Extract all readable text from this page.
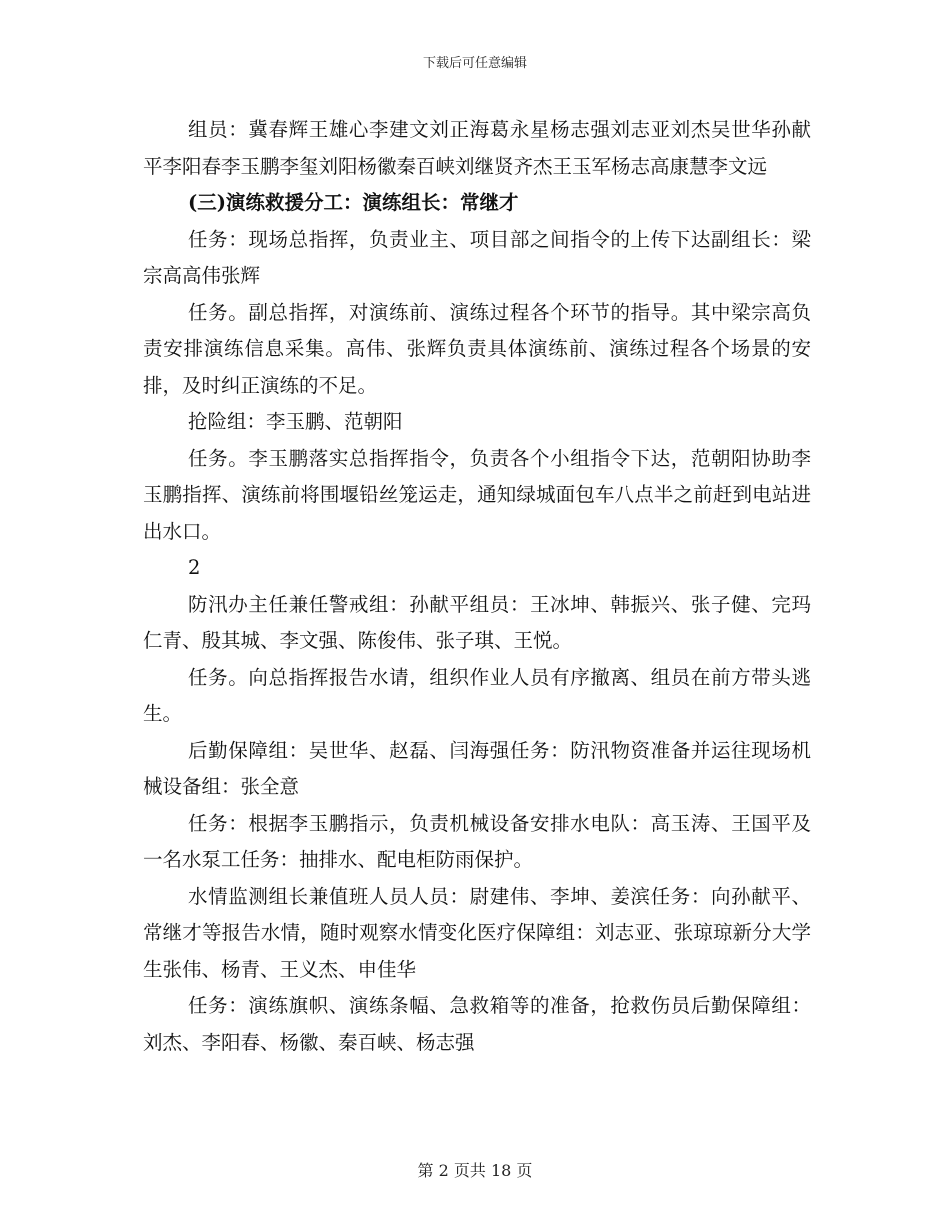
下载后可任意编辑

组员：冀春辉王雄心李建文刘正海葛永星杨志强刘志亚刘杰吴世华孙献平李阳春李玉鹏李玺刘阳杨徽秦百峡刘继贤齐杰王玉军杨志高康慧李文远

(三)演练救援分工：演练组长：常继才

任务：现场总指挥，负责业主、项目部之间指令的上传下达副组长：梁宗高高伟张辉

任务。副总指挥，对演练前、演练过程各个环节的指导。其中梁宗高负责安排演练信息采集。高伟、张辉负责具体演练前、演练过程各个场景的安排，及时纠正演练的不足。

抢险组：李玉鹏、范朝阳

任务。李玉鹏落实总指挥指令，负责各个小组指令下达，范朝阳协助李玉鹏指挥、演练前将围堰铅丝笼运走，通知绿城面包车八点半之前赶到电站进出水口。

2

防汛办主任兼任警戒组：孙献平组员：王冰坤、韩振兴、张子健、完玛仁青、殷其城、李文强、陈俊伟、张子琪、王悦。

任务。向总指挥报告水请，组织作业人员有序撤离、组员在前方带头逃生。

后勤保障组：吴世华、赵磊、闫海强任务：防汛物资准备并运往现场机械设备组：张全意

任务：根据李玉鹏指示，负责机械设备安排水电队：高玉涛、王国平及一名水泵工任务：抽排水、配电柜防雨保护。

水情监测组长兼值班人员人员：尉建伟、李坤、姜滨任务：向孙献平、常继才等报告水情，随时观察水情变化医疗保障组：刘志亚、张琼琼新分大学生张伟、杨青、王义杰、申佳华

任务：演练旗帜、演练条幅、急救箱等的准备，抢救伤员后勤保障组：刘杰、李阳春、杨徽、秦百峡、杨志强

第 2 页共 18 页
